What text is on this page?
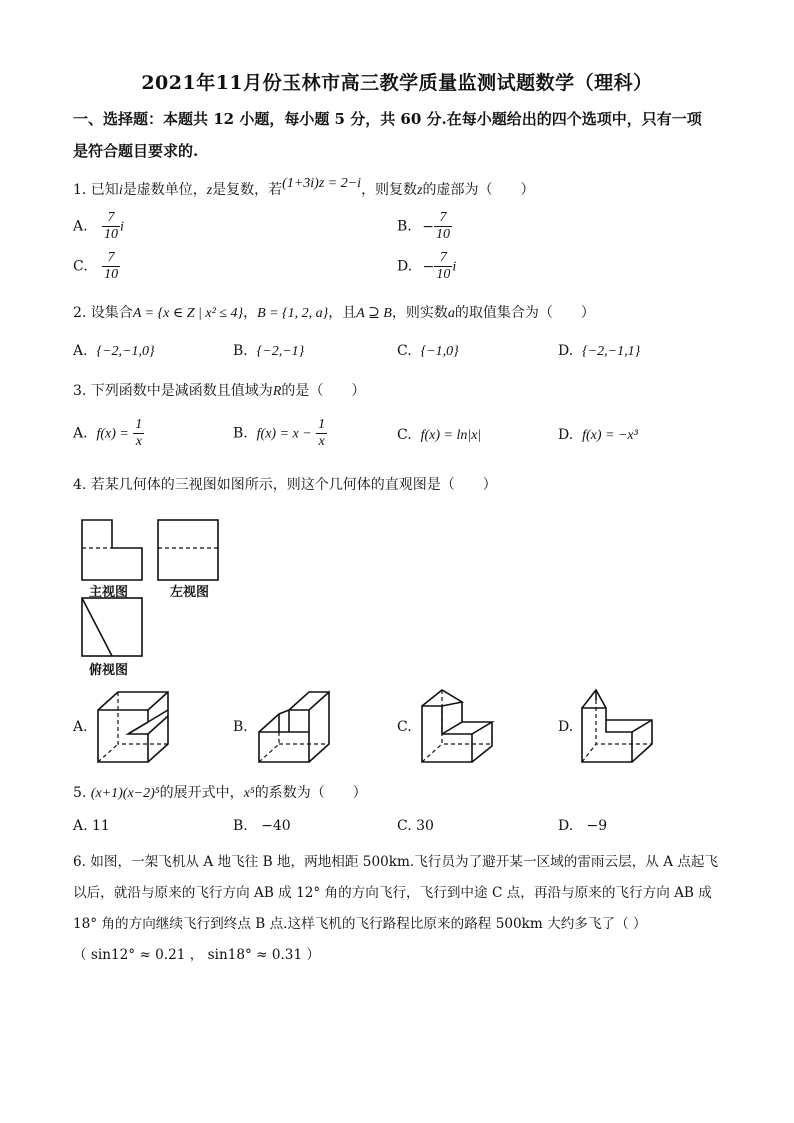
2021年11月份玉林市高三教学质量监测试题数学（理科）
一、选择题：本题共 12 小题，每小题 5 分，共 60 分.在每小题给出的四个选项中，只有一项
是符合题目要求的.
1. 已知i是虚数单位，z是复数，若(1+3i)z = 2−i，则复数z的虚部为（　　）
A. $\frac{7}{10}$ i	B. − $\frac{7}{10}$
C. $\frac{7}{10}$	D. − $\frac{7}{10}$ i
2. 设集合A = {x ∈ Z | x² ≤ 4}，B = {1, 2, a}，且A ⊇ B，则实数a的取值集合为（　　）
A. {−2,−1,0}	B. {−2,−1}	C. {−1,0}	D. {−2,−1,1}
3. 下列函数中是减函数且值域为R的是（　　）
A. $f(x) = \frac{1}{x}$	B. $f(x) = x - \frac{1}{x}$	C. f(x) = ln|x|	D. f(x) = −x³
4. 若某几何体的三视图如图所示，则这个几何体的直观图是（　　）
主视图	左视图
俯视图
A.	B.	C.	D.
5. (x+1)(x−2)⁵的展开式中，x⁵的系数为（　　）
A. 11	B. −40	C. 30	D. −9
6. 如图，一架飞机从 A 地飞往 B 地，两地相距 500km.飞行员为了避开某一区域的雷雨云层，从 A 点起飞
以后，就沿与原来的飞行方向 AB 成 12° 角的方向飞行，飞行到中途 C 点，再沿与原来的飞行方向 AB 成
18° 角的方向继续飞行到终点 B 点.这样飞机的飞行路程比原来的路程 500km 大约多飞了（ ）
（ sin12° ≈ 0.21 ， sin18° ≈ 0.31 ）
